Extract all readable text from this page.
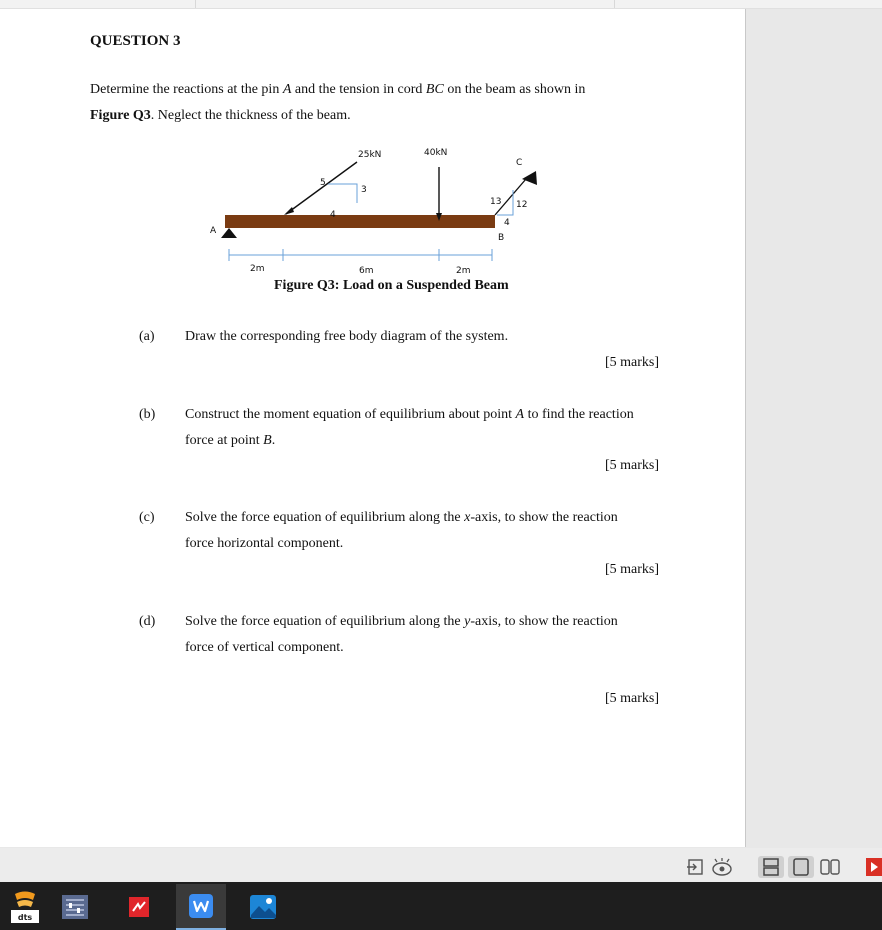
QUESTION 3
Determine the reactions at the pin A and the tension in cord BC on the beam as shown in
Figure Q3. Neglect the thickness of the beam.
A
25kN
5
3
4
40kN
C
13 12
4
B
2m	6m	2m
Figure Q3: Load on a Suspended Beam
(a) Draw the corresponding free body diagram of the system.
[5 marks]
(b) Construct the moment equation of equilibrium about point A to find the reaction
force at point B.
[5 marks]
(c) Solve the force equation of equilibrium along the x-axis, to show the reaction
force horizontal component.
[5 marks]
(d) Solve the force equation of equilibrium along the y-axis, to show the reaction
force of vertical component.
[5 marks]
dts
